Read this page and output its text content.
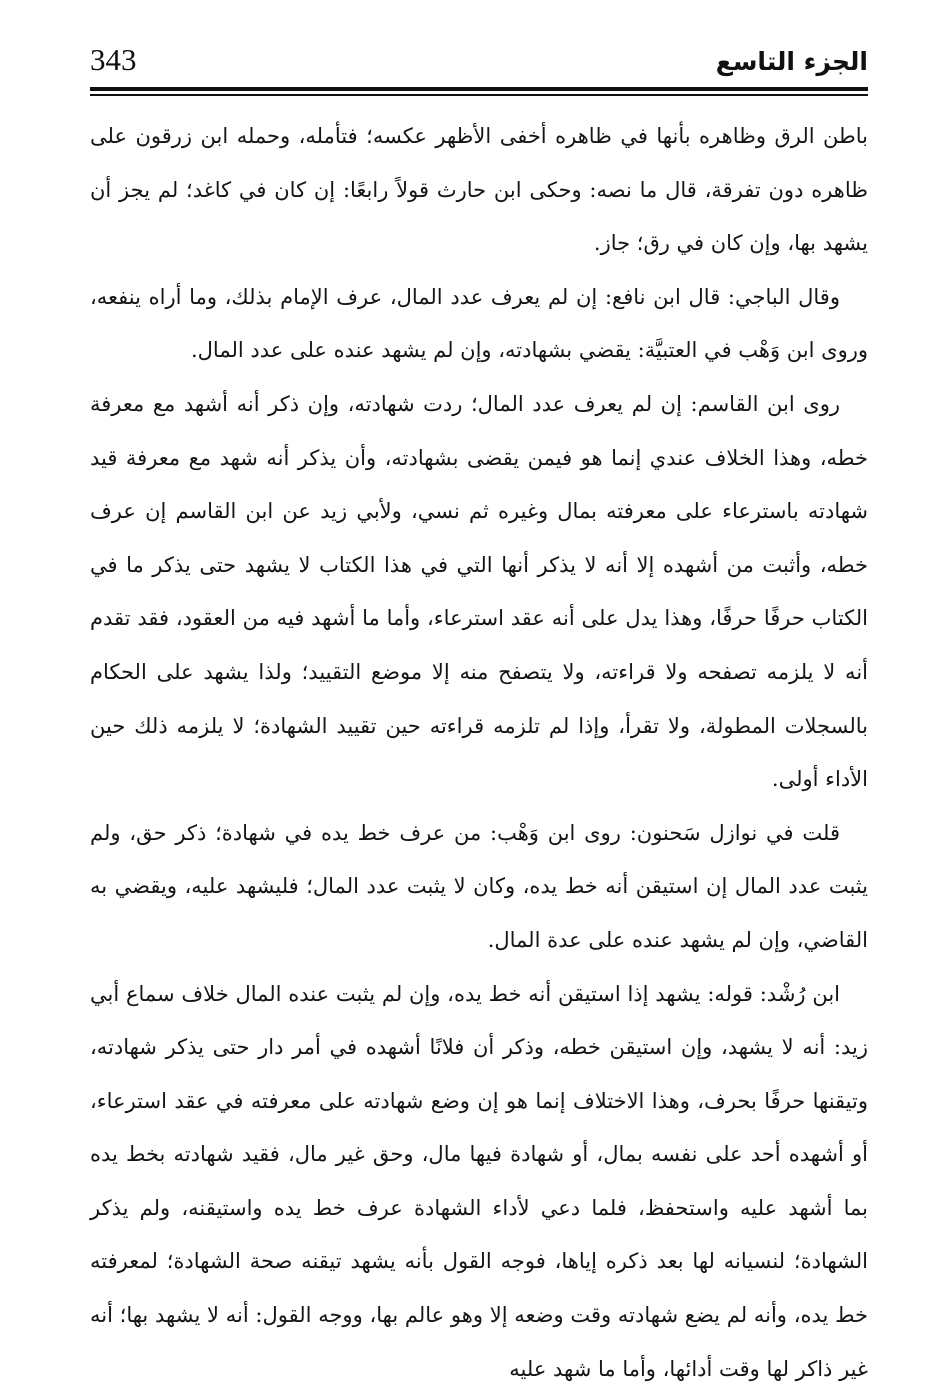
343	الجزء التاسع

باطن الرق وظاهره بأنها في ظاهره أخفى الأظهر عكسه؛ فتأمله، وحمله ابن زرقون على ظاهره دون تفرقة، قال ما نصه: وحكى ابن حارث قولاً رابعًا: إن كان في كاغد؛ لم يجز أن يشهد بها، وإن كان في رق؛ جاز.

وقال الباجي: قال ابن نافع: إن لم يعرف عدد المال، عرف الإمام بذلك، وما أراه ينفعه، وروى ابن وَهْب في العتبيَّة: يقضي بشهادته، وإن لم يشهد عنده على عدد المال.

روى ابن القاسم: إن لم يعرف عدد المال؛ ردت شهادته، وإن ذكر أنه أشهد مع معرفة خطه، وهذا الخلاف عندي إنما هو فيمن يقضى بشهادته، وأن يذكر أنه شهد مع معرفة قيد شهادته باسترعاء على معرفته بمال وغيره ثم نسي، ولأبي زيد عن ابن القاسم إن عرف خطه، وأثبت من أشهده إلا أنه لا يذكر أنها التي في هذا الكتاب لا يشهد حتى يذكر ما في الكتاب حرفًا حرفًا، وهذا يدل على أنه عقد استرعاء، وأما ما أشهد فيه من العقود، فقد تقدم أنه لا يلزمه تصفحه ولا قراءته، ولا يتصفح منه إلا موضع التقييد؛ ولذا يشهد على الحكام بالسجلات المطولة، ولا تقرأ، وإذا لم تلزمه قراءته حين تقييد الشهادة؛ لا يلزمه ذلك حين الأداء أولى.

قلت في نوازل سَحنون: روى ابن وَهْب: من عرف خط يده في شهادة؛ ذكر حق، ولم يثبت عدد المال إن استيقن أنه خط يده، وكان لا يثبت عدد المال؛ فليشهد عليه، ويقضي به القاضي، وإن لم يشهد عنده على عدة المال.

ابن رُشْد: قوله: يشهد إذا استيقن أنه خط يده، وإن لم يثبت عنده المال خلاف سماع أبي زيد: أنه لا يشهد، وإن استيقن خطه، وذكر أن فلانًا أشهده في أمر دار حتى يذكر شهادته، وتيقنها حرفًا بحرف، وهذا الاختلاف إنما هو إن وضع شهادته على معرفته في عقد استرعاء، أو أشهده أحد على نفسه بمال، أو شهادة فيها مال، وحق غير مال، فقيد شهادته بخط يده بما أشهد عليه واستحفظ، فلما دعي لأداء الشهادة عرف خط يده واستيقنه، ولم يذكر الشهادة؛ لنسيانه لها بعد ذكره إياها، فوجه القول بأنه يشهد تيقنه صحة الشهادة؛ لمعرفته خط يده، وأنه لم يضع شهادته وقت وضعه إلا وهو عالم بها، ووجه القول: أنه لا يشهد بها؛ أنه غير ذاكر لها وقت أدائها، وأما ما شهد عليه
